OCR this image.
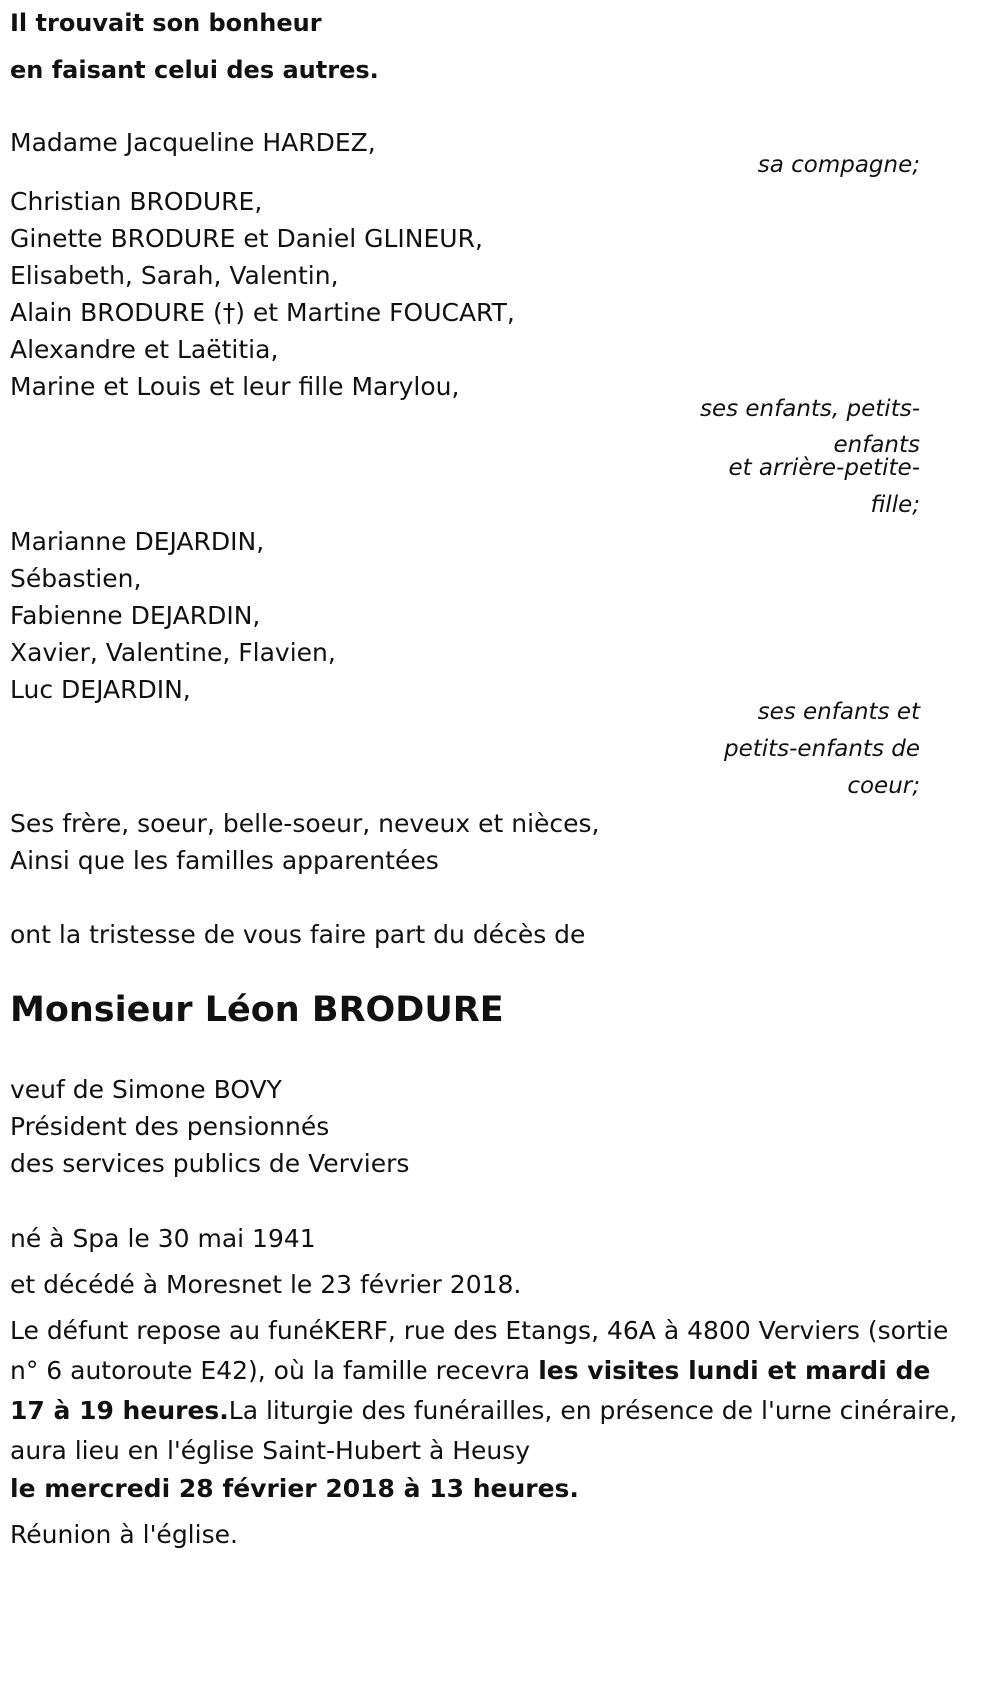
Il trouvait son bonheur

en faisant celui des autres.

Madame Jacqueline HARDEZ,

sa compagne;

Christian BRODURE,

Ginette BRODURE et Daniel GLINEUR,

Elisabeth, Sarah, Valentin,

Alain BRODURE (†) et Martine FOUCART,

Alexandre et Laëtitia,

Marine et Louis et leur fille Marylou,

ses enfants, petits-

enfants

et arrière-petite-

fille;

Marianne DEJARDIN,

Sébastien,

Fabienne DEJARDIN,

Xavier, Valentine, Flavien,

Luc DEJARDIN,

ses enfants et

petits-enfants de

coeur;

Ses frère, soeur, belle-soeur, neveux et nièces,

Ainsi que les familles apparentées

ont la tristesse de vous faire part du décès de

Monsieur Léon BRODURE

veuf de Simone BOVY

Président des pensionnés

des services publics de Verviers

né à Spa le 30 mai 1941

et décédé à Moresnet le 23 février 2018.

Le défunt repose au funéKERF, rue des Etangs, 46A à 4800 Verviers (sortie n° 6 autoroute E42), où la famille recevra les visites lundi et mardi de 17 à 19 heures.La liturgie des funérailles, en présence de l'urne cinéraire, aura lieu en l'église Saint-Hubert à Heusy

le mercredi 28 février 2018 à 13 heures.

Réunion à l'église.
